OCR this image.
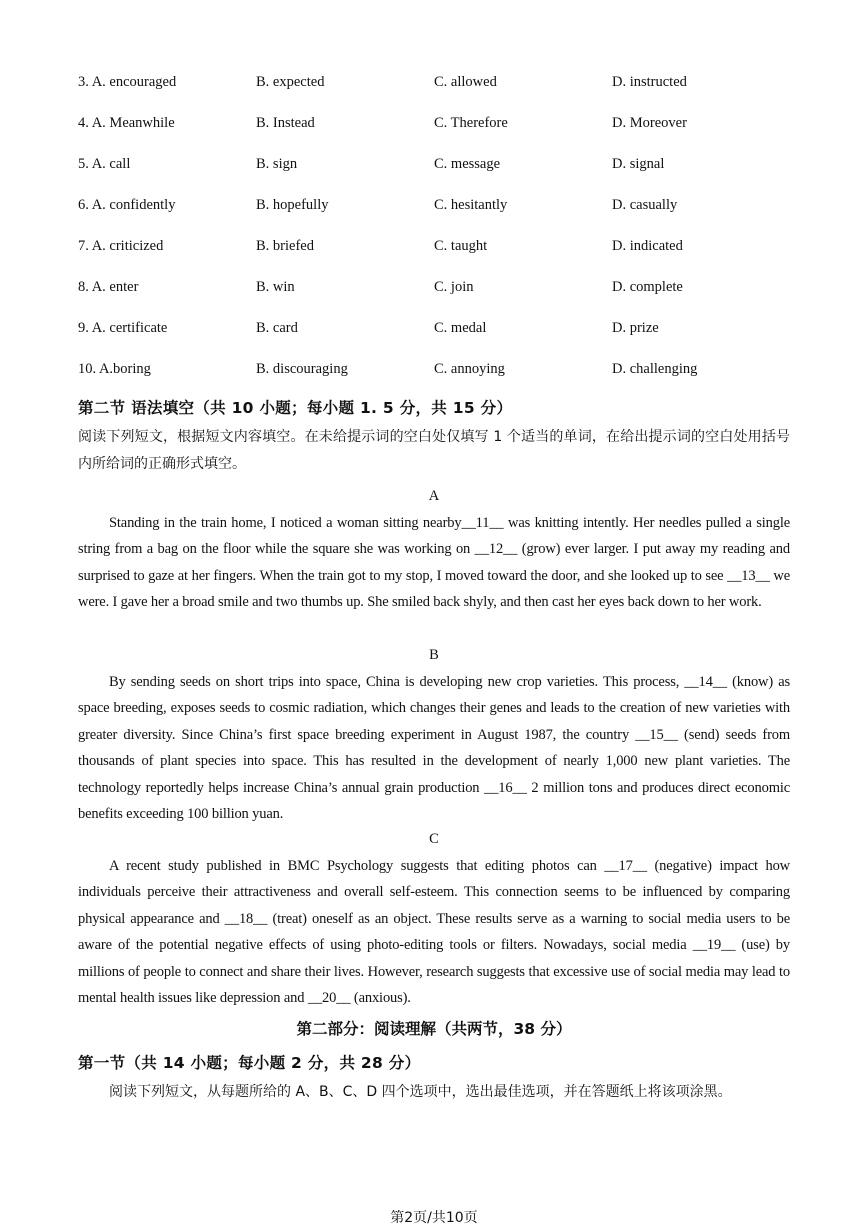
3. A. encouraged	B. expected	C. allowed	D. instructed
4. A. Meanwhile	B. Instead	C. Therefore	D. Moreover
5. A. call	B. sign	C. message	D. signal
6. A. confidently	B. hopefully	C. hesitantly	D. casually
7. A. criticized	B. briefed	C. taught	D. indicated
8. A. enter	B. win	C. join	D. complete
9. A. certificate	B. card	C. medal	D. prize
10. A.boring	B. discouraging	C. annoying	D. challenging
第二节 语法填空（共 10 小题；每小题 1. 5 分，共 15 分）
阅读下列短文，根据短文内容填空。在未给提示词的空白处仅填写 1 个适当的单词，在给出提示词的空白处用括号内所给词的正确形式填空。
A
Standing in the train home, I noticed a woman sitting nearby__11__ was knitting intently. Her needles pulled a single string from a bag on the floor while the square she was working on __12__ (grow) ever larger. I put away my reading and surprised to gaze at her fingers. When the train got to my stop, I moved toward the door, and she looked up to see __13__ we were. I gave her a broad smile and two thumbs up. She smiled back shyly, and then cast her eyes back down to her work.
B
By sending seeds on short trips into space, China is developing new crop varieties. This process, __14__ (know) as space breeding, exposes seeds to cosmic radiation, which changes their genes and leads to the creation of new varieties with greater diversity. Since China’s first space breeding experiment in August 1987, the country __15__ (send) seeds from thousands of plant species into space. This has resulted in the development of nearly 1,000 new plant varieties. The technology reportedly helps increase China’s annual grain production __16__ 2 million tons and produces direct economic benefits exceeding 100 billion yuan.
C
A recent study published in BMC Psychology suggests that editing photos can __17__ (negative) impact how individuals perceive their attractiveness and overall self-esteem. This connection seems to be influenced by comparing physical appearance and __18__ (treat) oneself as an object. These results serve as a warning to social media users to be aware of the potential negative effects of using photo-editing tools or filters. Nowadays, social media __19__ (use) by millions of people to connect and share their lives. However, research suggests that excessive use of social media may lead to mental health issues like depression and __20__ (anxious).
第二部分：阅读理解（共两节，38 分）
第一节（共 14 小题；每小题 2 分，共 28 分）
阅读下列短文，从每题所给的 A、B、C、D 四个选项中，选出最佳选项，并在答题纸上将该项涂黑。
第2页/共10页
